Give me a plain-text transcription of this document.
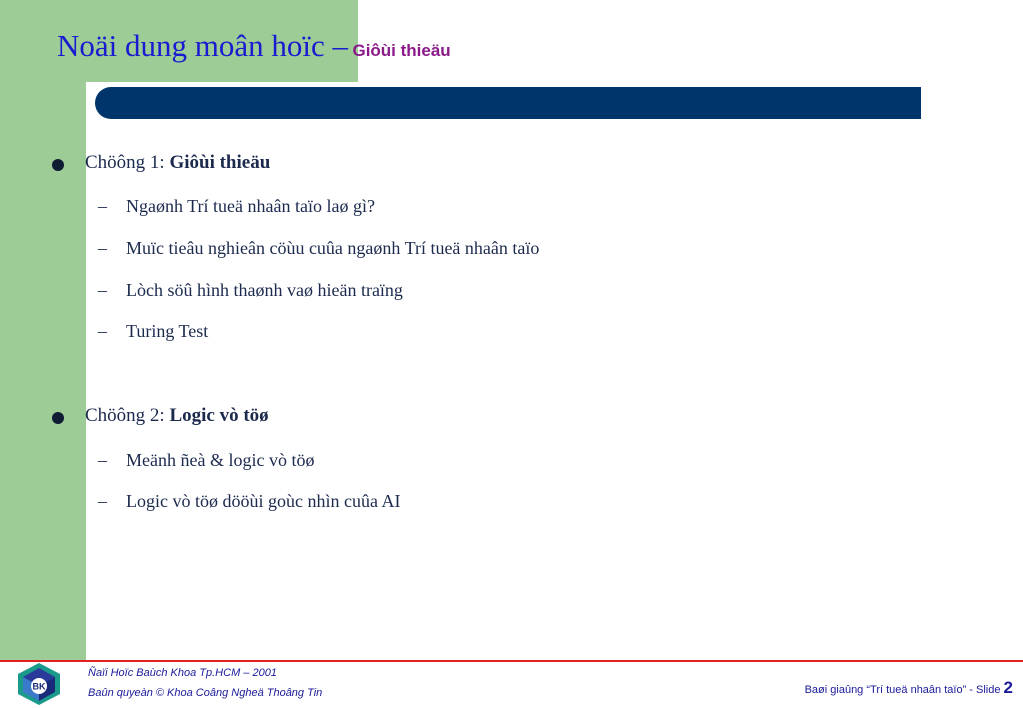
Noäi dung moân hoïc – Giôùi thieäu
Chöông 1: Giôùi thieäu
– Ngaønh Trí tueä nhaân taïo laø gì?
– Muïc tieâu nghieân cöùu cuûa ngaønh Trí tueä nhaân taïo
– Lòch söû hình thaønh vaø hieän traïng
– Turing Test
Chöông 2: Logic vò töø
– Meänh ñeà & logic vò töø
– Logic vò töø dööùi goùc nhìn cuûa AI
BK
Ñaïi Hoïc Baùch Khoa Tp.HCM – 2001
Baûn quyeàn © Khoa Coâng Ngheä Thoâng Tin	Baøi giaûng “Trí tueä nhaân taïo” - Slide 2
